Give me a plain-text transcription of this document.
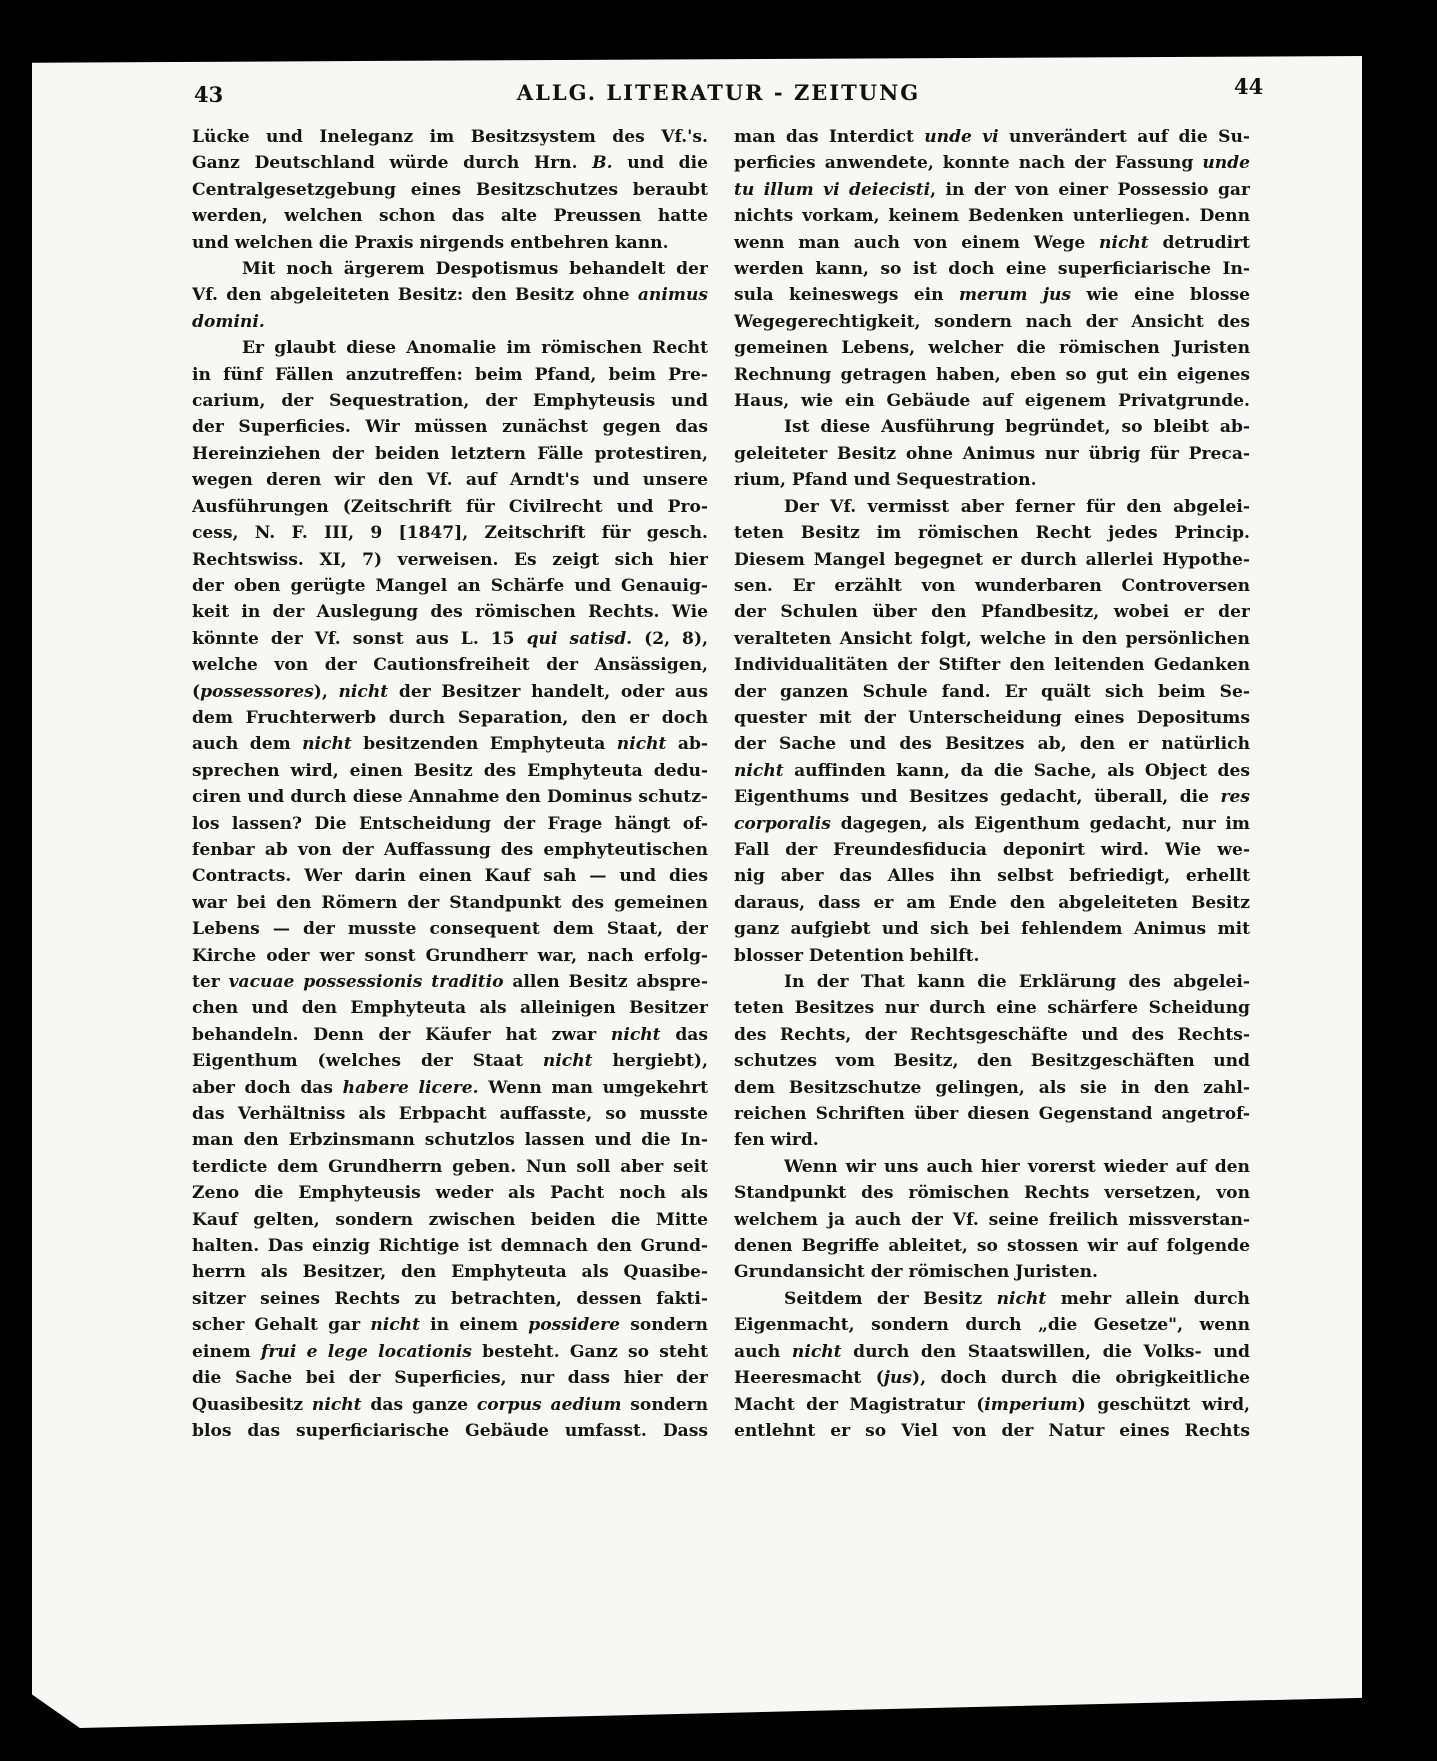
43	ALLG. LITERATUR - ZEITUNG	44
Lücke und Ineleganz im Besitzsystem des Vf.'s.
Ganz Deutschland würde durch Hrn. B. und die
Centralgesetzgebung eines Besitzschutzes beraubt
werden, welchen schon das alte Preussen hatte
und welchen die Praxis nirgends entbehren kann.
Mit noch ärgerem Despotismus behandelt der
Vf. den abgeleiteten Besitz: den Besitz ohne animus
domini.
Er glaubt diese Anomalie im römischen Recht
in fünf Fällen anzutreffen: beim Pfand, beim Pre-
carium, der Sequestration, der Emphyteusis und
der Superficies. Wir müssen zunächst gegen das
Hereinziehen der beiden letztern Fälle protestiren,
wegen deren wir den Vf. auf Arndt's und unsere
Ausführungen (Zeitschrift für Civilrecht und Pro-
cess, N. F. III, 9 [1847], Zeitschrift für gesch.
Rechtswiss. XI, 7) verweisen. Es zeigt sich hier
der oben gerügte Mangel an Schärfe und Genauig-
keit in der Auslegung des römischen Rechts. Wie
könnte der Vf. sonst aus L. 15 qui satisd. (2, 8),
welche von der Cautionsfreiheit der Ansässigen,
(possessores), nicht der Besitzer handelt, oder aus
dem Fruchterwerb durch Separation, den er doch
auch dem nicht besitzenden Emphyteuta nicht ab-
sprechen wird, einen Besitz des Emphyteuta dedu-
ciren und durch diese Annahme den Dominus schutz-
los lassen? Die Entscheidung der Frage hängt of-
fenbar ab von der Auffassung des emphyteutischen
Contracts. Wer darin einen Kauf sah — und dies
war bei den Römern der Standpunkt des gemeinen
Lebens — der musste consequent dem Staat, der
Kirche oder wer sonst Grundherr war, nach erfolg-
ter vacuae possessionis traditio allen Besitz abspre-
chen und den Emphyteuta als alleinigen Besitzer
behandeln. Denn der Käufer hat zwar nicht das
Eigenthum (welches der Staat nicht hergiebt),
aber doch das habere licere. Wenn man umgekehrt
das Verhältniss als Erbpacht auffasste, so musste
man den Erbzinsmann schutzlos lassen und die In-
terdicte dem Grundherrn geben. Nun soll aber seit
Zeno die Emphyteusis weder als Pacht noch als
Kauf gelten, sondern zwischen beiden die Mitte
halten. Das einzig Richtige ist demnach den Grund-
herrn als Besitzer, den Emphyteuta als Quasibe-
sitzer seines Rechts zu betrachten, dessen fakti-
scher Gehalt gar nicht in einem possidere sondern
einem frui e lege locationis besteht. Ganz so steht
die Sache bei der Superficies, nur dass hier der
Quasibesitz nicht das ganze corpus aedium sondern
blos das superficiarische Gebäude umfasst. Dass
man das Interdict unde vi unverändert auf die Su-
perficies anwendete, konnte nach der Fassung unde
tu illum vi deiecisti, in der von einer Possessio gar
nichts vorkam, keinem Bedenken unterliegen. Denn
wenn man auch von einem Wege nicht detrudirt
werden kann, so ist doch eine superficiarische In-
sula keineswegs ein merum jus wie eine blosse
Wegegerechtigkeit, sondern nach der Ansicht des
gemeinen Lebens, welcher die römischen Juristen
Rechnung getragen haben, eben so gut ein eigenes
Haus, wie ein Gebäude auf eigenem Privatgrunde.
Ist diese Ausführung begründet, so bleibt ab-
geleiteter Besitz ohne Animus nur übrig für Preca-
rium, Pfand und Sequestration.
Der Vf. vermisst aber ferner für den abgelei-
teten Besitz im römischen Recht jedes Princip.
Diesem Mangel begegnet er durch allerlei Hypothe-
sen. Er erzählt von wunderbaren Controversen
der Schulen über den Pfandbesitz, wobei er der
veralteten Ansicht folgt, welche in den persönlichen
Individualitäten der Stifter den leitenden Gedanken
der ganzen Schule fand. Er quält sich beim Se-
quester mit der Unterscheidung eines Depositums
der Sache und des Besitzes ab, den er natürlich
nicht auffinden kann, da die Sache, als Object des
Eigenthums und Besitzes gedacht, überall, die res
corporalis dagegen, als Eigenthum gedacht, nur im
Fall der Freundesfiducia deponirt wird. Wie we-
nig aber das Alles ihn selbst befriedigt, erhellt
daraus, dass er am Ende den abgeleiteten Besitz
ganz aufgiebt und sich bei fehlendem Animus mit
blosser Detention behilft.
In der That kann die Erklärung des abgelei-
teten Besitzes nur durch eine schärfere Scheidung
des Rechts, der Rechtsgeschäfte und des Rechts-
schutzes vom Besitz, den Besitzgeschäften und
dem Besitzschutze gelingen, als sie in den zahl-
reichen Schriften über diesen Gegenstand angetrof-
fen wird.
Wenn wir uns auch hier vorerst wieder auf den
Standpunkt des römischen Rechts versetzen, von
welchem ja auch der Vf. seine freilich missverstan-
denen Begriffe ableitet, so stossen wir auf folgende
Grundansicht der römischen Juristen.
Seitdem der Besitz nicht mehr allein durch
Eigenmacht, sondern durch „die Gesetze", wenn
auch nicht durch den Staatswillen, die Volks- und
Heeresmacht (jus), doch durch die obrigkeitliche
Macht der Magistratur (imperium) geschützt wird,
entlehnt er so Viel von der Natur eines Rechts
